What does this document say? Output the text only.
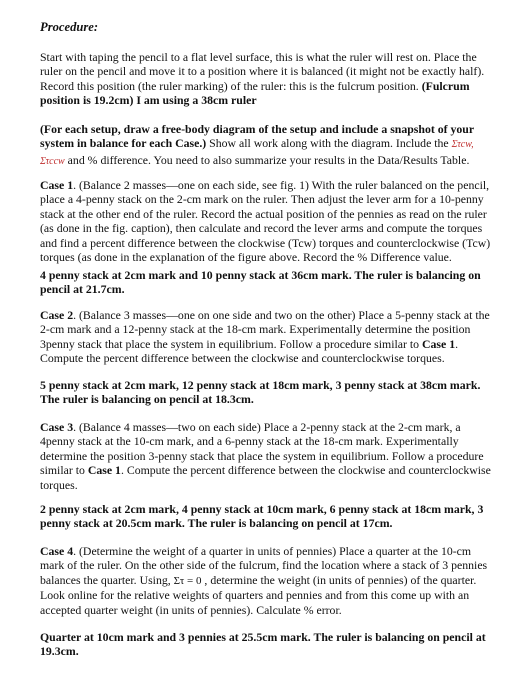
Procedure:

Start with taping the pencil to a flat level surface, this is what the ruler will rest on. Place the ruler on the pencil and move it to a position where it is balanced (it might not be exactly half). Record this position (the ruler marking) of the ruler: this is the fulcrum position. (Fulcrum position is 19.2cm) I am using a 38cm ruler

(For each setup, draw a free-body diagram of the setup and include a snapshot of your system in balance for each Case.) Show all work along with the diagram. Include the Στcw, Στccw and % difference. You need to also summarize your results in the Data/Results Table.

Case 1. (Balance 2 masses—one on each side, see fig. 1) With the ruler balanced on the pencil, place a 4-penny stack on the 2-cm mark on the ruler. Then adjust the lever arm for a 10-penny stack at the other end of the ruler. Record the actual position of the pennies as read on the ruler (as done in the fig. caption), then calculate and record the lever arms and compute the torques and find a percent difference between the clockwise (Tcw) torques and counterclockwise (Tcw) torques (as done in the explanation of the figure above. Record the % Difference value.

4 penny stack at 2cm mark and 10 penny stack at 36cm mark. The ruler is balancing on pencil at 21.7cm.

Case 2. (Balance 3 masses—one on one side and two on the other) Place a 5-penny stack at the 2-cm mark and a 12-penny stack at the 18-cm mark. Experimentally determine the position 3penny stack that place the system in equilibrium. Follow a procedure similar to Case 1. Compute the percent difference between the clockwise and counterclockwise torques.

5 penny stack at 2cm mark, 12 penny stack at 18cm mark, 3 penny stack at 38cm mark. The ruler is balancing on pencil at 18.3cm.

Case 3. (Balance 4 masses—two on each side) Place a 2-penny stack at the 2-cm mark, a 4penny stack at the 10-cm mark, and a 6-penny stack at the 18-cm mark. Experimentally determine the position 3-penny stack that place the system in equilibrium. Follow a procedure similar to Case 1. Compute the percent difference between the clockwise and counterclockwise torques.

2 penny stack at 2cm mark, 4 penny stack at 10cm mark, 6 penny stack at 18cm mark, 3 penny stack at 20.5cm mark. The ruler is balancing on pencil at 17cm.

Case 4. (Determine the weight of a quarter in units of pennies) Place a quarter at the 10-cm mark of the ruler. On the other side of the fulcrum, find the location where a stack of 3 pennies balances the quarter. Using, Στ = 0 , determine the weight (in units of pennies) of the quarter. Look online for the relative weights of quarters and pennies and from this come up with an accepted quarter weight (in units of pennies). Calculate % error.

Quarter at 10cm mark and 3 pennies at 25.5cm mark. The ruler is balancing on pencil at 19.3cm.
